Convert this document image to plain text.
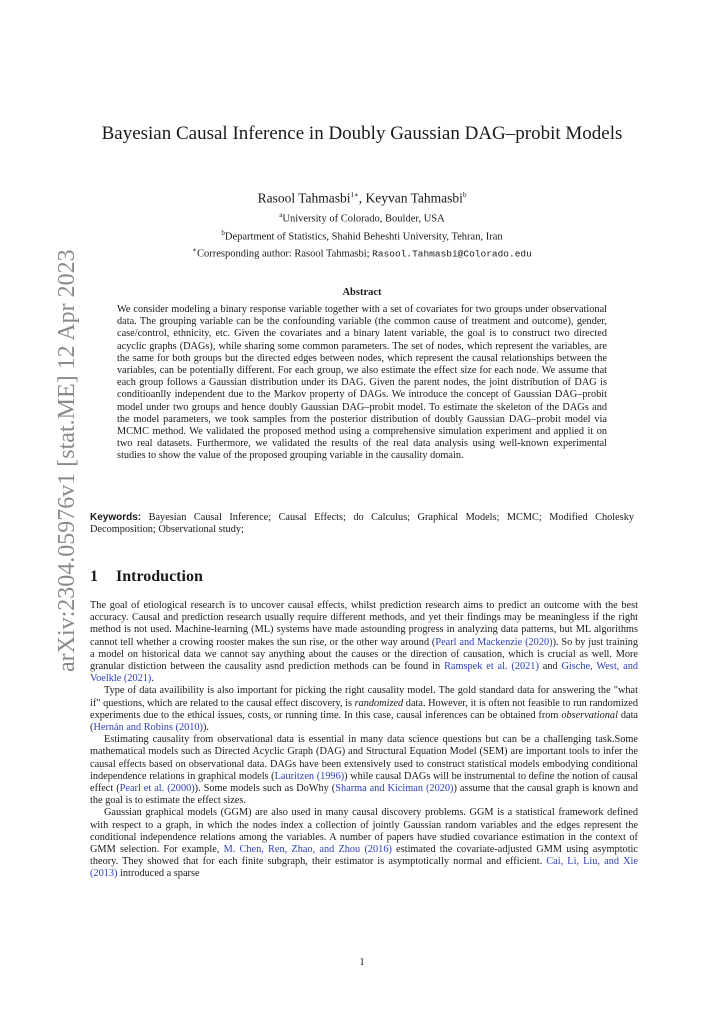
arXiv:2304.05976v1 [stat.ME] 12 Apr 2023
Bayesian Causal Inference in Doubly Gaussian DAG–probit Models
Rasool Tahmasbi$^{1∗}$, Keyvan Tahmasbi$^b$
$^a$University of Colorado, Boulder, USA
$^b$Department of Statistics, Shahid Beheshti University, Tehran, Iran
∗Corresponding author: Rasool Tahmasbi; Rasool.Tahmasbi@Colorado.edu
Abstract
We consider modeling a binary response variable together with a set of covariates for two groups under observational data. The grouping variable can be the confounding variable (the common cause of treatment and outcome), gender, case/control, ethnicity, etc. Given the covariates and a binary latent variable, the goal is to construct two directed acyclic graphs (DAGs), while sharing some common parameters. The set of nodes, which represent the variables, are the same for both groups but the directed edges between nodes, which represent the causal relationships between the variables, can be potentially different. For each group, we also estimate the effect size for each node. We assume that each group follows a Gaussian distribution under its DAG. Given the parent nodes, the joint distribution of DAG is conditioanlly independent due to the Markov property of DAGs. We introduce the concept of Gaussian DAG–probit model under two groups and hence doubly Gaussian DAG–probit model. To estimate the skeleton of the DAGs and the model parameters, we took samples from the posterior distribution of doubly Gaussian DAG–probit model via MCMC method. We validated the proposed method using a comprehensive simulation experiment and applied it on two real datasets. Furthermore, we validated the results of the real data analysis using well-known experimental studies to show the value of the proposed grouping variable in the causality domain.
Keywords: Bayesian Causal Inference; Causal Effects; do Calculus; Graphical Models; MCMC; Modified Cholesky Decomposition; Observational study;
1 Introduction

The goal of etiological research is to uncover causal effects, whilst prediction research aims to predict an outcome with the best accuracy. Causal and prediction research usually require different methods, and yet their findings may be meaningless if the right method is not used. Machine-learning (ML) systems have made astounding progress in analyzing data patterns, but ML algorithms cannot tell whether a crowing rooster makes the sun rise, or the other way around (Pearl and Mackenzie (2020)). So by just training a model on historical data we cannot say anything about the causes or the direction of causation, which is crucial as well. More granular distiction between the causality asnd prediction methods can be found in Ramspek et al. (2021) and Gische, West, and Voelkle (2021).

Type of data availibility is also important for picking the right causality model. The gold standard data for answering the "what if" questions, which are related to the causal effect discovery, is randomized data. However, it is often not feasible to run randomized experiments due to the ethical issues, costs, or running time. In this case, causal inferences can be obtained from observational data (Hernán and Robins (2010)).

Estimating causality from observational data is essential in many data science questions but can be a challenging task.Some mathematical models such as Directed Acyclic Graph (DAG) and Structural Equation Model (SEM) are important tools to infer the causal effects based on observational data. DAGs have been extensively used to construct statistical models embodying conditional independence relations in graphical models (Lauritzen (1996)) while causal DAGs will be instrumental to define the notion of causal effect (Pearl et al. (2000)). Some models such as DoWhy (Sharma and Kiciman (2020)) assume that the causal graph is known and the goal is to estimate the effect sizes.

Gaussian graphical models (GGM) are also used in many causal discovery problems. GGM is a statistical framework defined with respect to a graph, in which the nodes index a collection of jointly Gaussian random variables and the edges represent the conditional independence relations among the variables. A number of papers have studied covariance estimation in the context of GMM selection. For example, M. Chen, Ren, Zhao, and Zhou (2016) estimated the covariate-adjusted GMM using asymptotic theory. They showed that for each finite subgraph, their estimator is asymptotically normal and efficient. Cai, Li, Liu, and Xie (2013) introduced a sparse

1
